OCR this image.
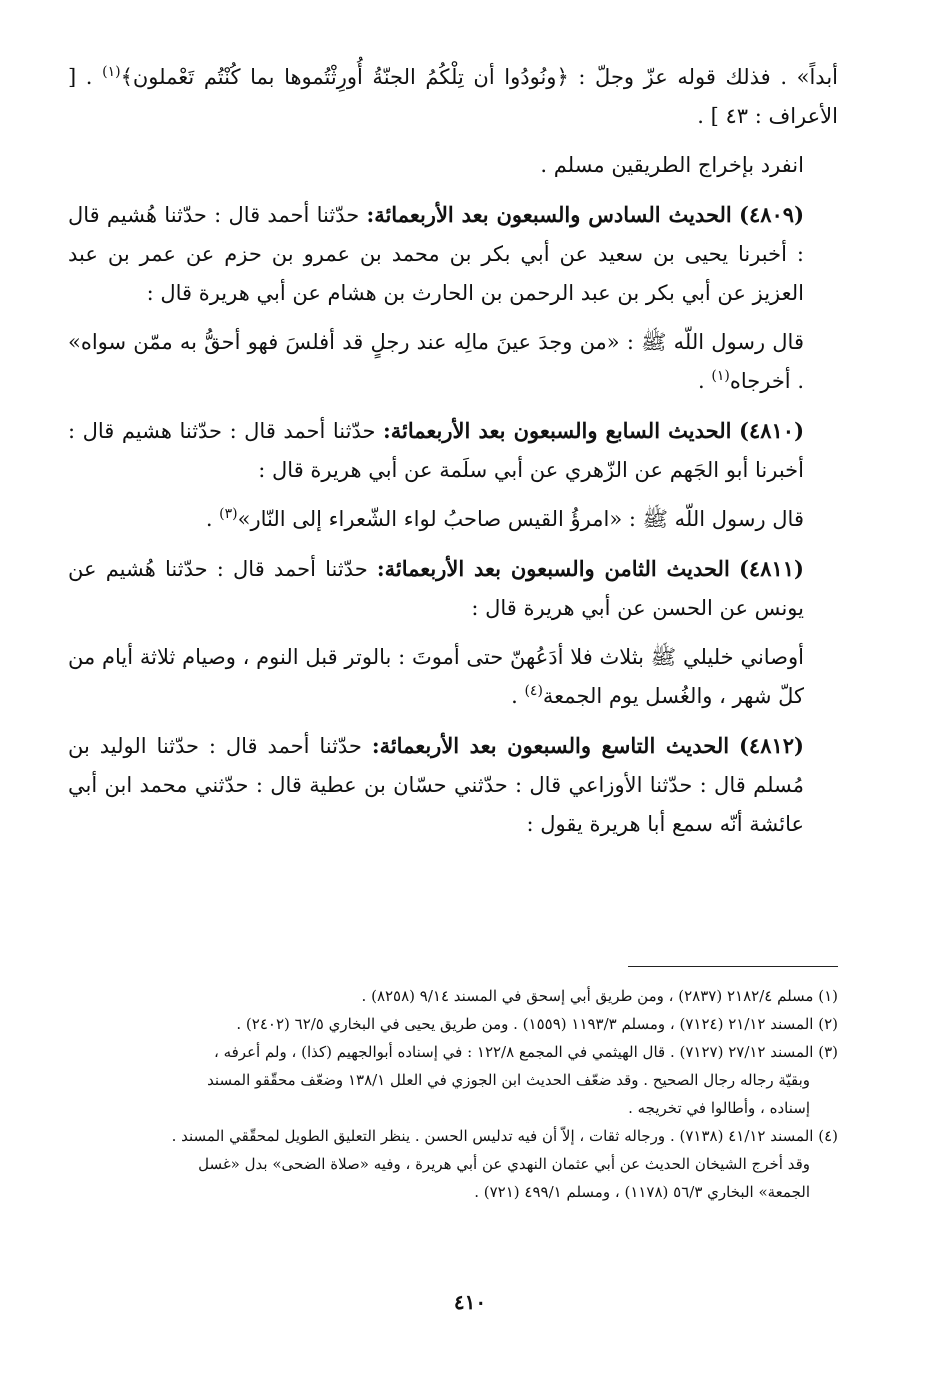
أبداً» . فذلك قوله عزّ وجلّ : ﴿ونُودُوا أن تِلْكُمُ الجنّةُ أُورِثْتُموها بما كُنْتُم تَعْملون﴾$^{(١)}$ . [ الأعراف : ٤٣ ] .

انفرد بإخراج الطريقين مسلم .

(٤٨٠٩) الحديث السادس والسبعون بعد الأربعمائة: حدّثنا أحمد قال : حدّثنا هُشيم قال : أخبرنا يحيى بن سعيد عن أبي بكر بن محمد بن عمرو بن حزم عن عمر بن عبد العزيز عن أبي بكر بن عبد الرحمن بن الحارث بن هشام عن أبي هريرة قال :

قال رسول اللّه ﷺ : «من وجدَ عينَ مالِه عند رجلٍ قد أفلسَ فهو أحقُّ به ممّن سواه» . أخرجاه$^{(١)}$ .

(٤٨١٠) الحديث السابع والسبعون بعد الأربعمائة: حدّثنا أحمد قال : حدّثنا هشيم قال : أخبرنا أبو الجَهم عن الزّهري عن أبي سلَمة عن أبي هريرة قال :

قال رسول اللّه ﷺ : «امرؤُ القيس صاحبُ لواء الشّعراء إلى النّار»$^{(٣)}$ .

(٤٨١١) الحديث الثامن والسبعون بعد الأربعمائة: حدّثنا أحمد قال : حدّثنا هُشيم عن يونس عن الحسن عن أبي هريرة قال :

أوصاني خليلي ﷺ بثلاث فلا أدَعُهنّ حتى أموتَ : بالوتر قبل النوم ، وصيام ثلاثة أيام من كلّ شهر ، والغُسل يوم الجمعة$^{(٤)}$ .

(٤٨١٢) الحديث التاسع والسبعون بعد الأربعمائة: حدّثنا أحمد قال : حدّثنا الوليد بن مُسلم قال : حدّثنا الأوزاعي قال : حدّثني حسّان بن عطية قال : حدّثني محمد ابن أبي عائشة أنّه سمع أبا هريرة يقول :

(١) مسلم ٢١٨٢/٤ (٢٨٣٧) ، ومن طريق أبي إسحق في المسند ٩/١٤ (٨٢٥٨) .

(٢) المسند ٢١/١٢ (٧١٢٤) ، ومسلم ١١٩٣/٣ (١٥٥٩) . ومن طريق يحيى في البخاري ٦٢/٥ (٢٤٠٢) .

(٣) المسند ٢٧/١٢ (٧١٢٧) . قال الهيثمي في المجمع ١٢٢/٨ : في إسناده أبوالجهيم (كذا) ، ولم أعرفه ،

وبقيّة رجاله رجال الصحيح . وقد ضعّف الحديث ابن الجوزي في العلل ١٣٨/١ وضعّف محقّقو المسند

إسناده ، وأطالوا في تخريجه .

(٤) المسند ٤١/١٢ (٧١٣٨) . ورجاله ثقات ، إلاّ أن فيه تدليس الحسن . ينظر التعليق الطويل لمحقّقي المسند .

وقد أخرج الشيخان الحديث عن أبي عثمان النهدي عن أبي هريرة ، وفيه «صلاة الضحى» بدل «غسل

الجمعة» البخاري ٥٦/٣ (١١٧٨) ، ومسلم ٤٩٩/١ (٧٢١) .

٤١٠
